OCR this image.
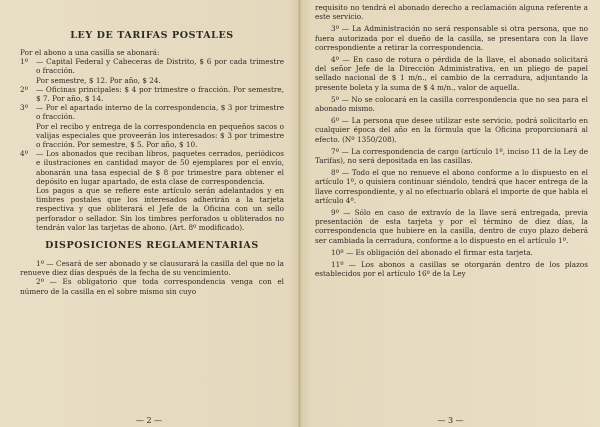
LEY DE TARIFAS POSTALES

Por el abono a una casilla se abonará:

1º	— Capital Federal y Cabeceras de Distrito, $ 6 por cada trimestre o fracción.

Por semestre, $ 12. Por año, $ 24.

2º	— Oficinas principales: $ 4 por trimestre o fracción. Por semestre, $ 7. Por año, $ 14.
3º	— Por el apartado interno de la correspondencia, $ 3 por trimestre o fracción.

Por el recibo y entrega de la correspondencia en pequeños sacos o valijas especiales que proveerán los interesados: $ 3 por trimestre o fracción. Por semestre, $ 5. Por año, $ 10.

4º	— Los abonados que reciban libros, paquetes cerrados, periódicos e ilustraciones en cantidad mayor de 50 ejemplares por el envío, abonarán una tasa especial de $ 8 por trimestre para obtener el depósito en lugar apartado, de esta clase de correspondencia.

Los pagos a que se refiere este artículo serán adelantados y en timbres postales que los interesados adherirán a la tarjeta respectiva y que obliterará el Jefe de la Oficina con un sello perforador o sellador. Sin los timbres perforados u obliterados no tendrán valor las tarjetas de abono. (Art. 8º modificado).

DISPOSICIONES REGLAMENTARIAS

1º — Cesará de ser abonado y se clausurará la casilla del que no la renueve diez días después de la fecha de su vencimiento.

2º — Es obligatorio que toda correspondencia venga con el número de la casilla en el sobre mismo sin cuyo

— 2 —

requisito no tendrá el abonado derecho a reclamación alguna referente a este servicio.

3º — La Administración no será responsable si otra persona, que no fuera autorizada por el dueño de la casilla, se presentara con la llave correspondiente a retirar la correspondencia.

4º — En caso de rotura o pérdida de la llave, el abonado solicitará del señor Jefe de la Dirección Administrativa, en un pliego de papel sellado nacional de $ 1 m/n., el cambio de la cerradura, adjuntando la presente boleta y la suma de $ 4 m/n., valor de aquella.

5º — No se colocará en la casilla correspondencia que no sea para el abonado mismo.

6º — La persona que desee utilizar este servicio, podrá solicitarlo en cualquier época del año en la fórmula que la Oficina proporcionará al efecto. (Nº 1350/208).

7º — La correspondencia de cargo (artículo 1º, inciso 11 de la Ley de Tarifas), no será depositada en las casillas.

8º — Todo el que no renueve el abono conforme a lo dispuesto en el artículo 1º, o quisiera continuar siéndolo, tendrá que hacer entrega de la llave correspondiente, y al no efectuarlo oblará el importe de que habla el artículo 4º.

9º — Sólo en caso de extravío de la llave será entregada, previa presentación de esta tarjeta y por el término de diez días, la correspondencia que hubiere en la casilla, dentro de cuyo plazo deberá ser cambiada la cerradura, conforme a lo dispuesto en el artículo 1º.

10º — Es obligación del abonado el firmar esta tarjeta.

11º — Los abonos a casillas se otorgarán dentro de los plazos establecidos por el artículo 16º de la Ley

— 3 —
